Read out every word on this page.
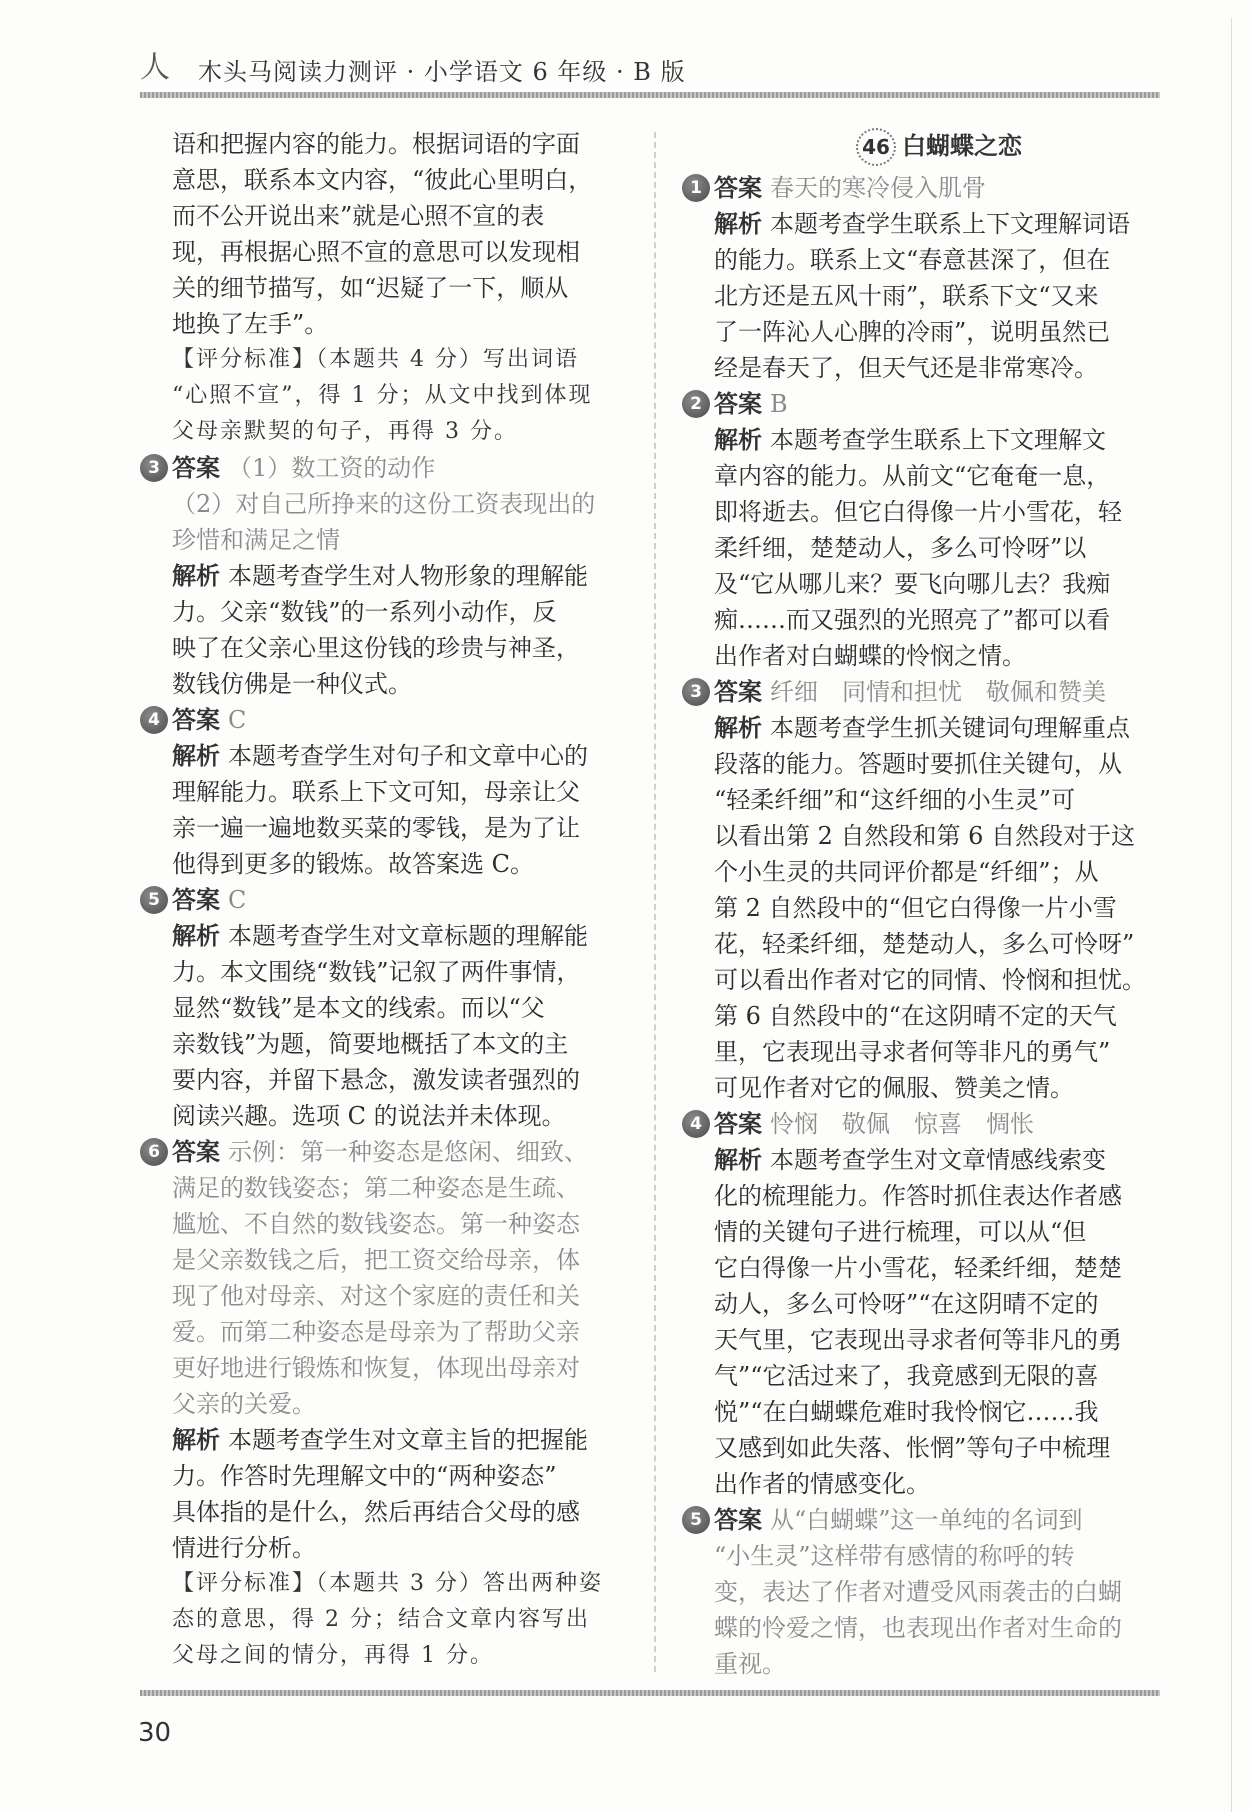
人 木头马阅读力测评 · 小学语文 6 年级 · B 版

语和把握内容的能力。根据词语的字面

意思，联系本文内容，“彼此心里明白，

而不公开说出来”就是心照不宣的表

现，再根据心照不宣的意思可以发现相

关的细节描写，如“迟疑了一下，顺从

地换了左手”。

【评分标准】（本题共 4 分）写出词语

“心照不宣”，得 1 分；从文中找到体现

父母亲默契的句子，再得 3 分。

3 答案 （1）数工资的动作

（2）对自己所挣来的这份工资表现出的

珍惜和满足之情

解析 本题考查学生对人物形象的理解能

力。父亲“数钱”的一系列小动作，反

映了在父亲心里这份钱的珍贵与神圣，

数钱仿佛是一种仪式。

4 答案 C

解析 本题考查学生对句子和文章中心的

理解能力。联系上下文可知，母亲让父

亲一遍一遍地数买菜的零钱，是为了让

他得到更多的锻炼。故答案选 C。

5 答案 C

解析 本题考查学生对文章标题的理解能

力。本文围绕“数钱”记叙了两件事情，

显然“数钱”是本文的线索。而以“父

亲数钱”为题，简要地概括了本文的主

要内容，并留下悬念，激发读者强烈的

阅读兴趣。选项 C 的说法并未体现。

6 答案 示例：第一种姿态是悠闲、细致、

满足的数钱姿态；第二种姿态是生疏、

尴尬、不自然的数钱姿态。第一种姿态

是父亲数钱之后，把工资交给母亲，体

现了他对母亲、对这个家庭的责任和关

爱。而第二种姿态是母亲为了帮助父亲

更好地进行锻炼和恢复，体现出母亲对

父亲的关爱。

解析 本题考查学生对文章主旨的把握能

力。作答时先理解文中的“两种姿态”

具体指的是什么，然后再结合父母的感

情进行分析。

【评分标准】（本题共 3 分）答出两种姿

态的意思，得 2 分；结合文章内容写出

父母之间的情分，再得 1 分。

46 白蝴蝶之恋
1 答案 春天的寒冷侵入肌骨

解析 本题考查学生联系上下文理解词语

的能力。联系上文“春意甚深了，但在

北方还是五风十雨”，联系下文“又来

了一阵沁人心脾的冷雨”，说明虽然已

经是春天了，但天气还是非常寒冷。

2 答案 B

解析 本题考查学生联系上下文理解文

章内容的能力。从前文“它奄奄一息，

即将逝去。但它白得像一片小雪花，轻

柔纤细，楚楚动人，多么可怜呀”以

及“它从哪儿来？要飞向哪儿去？我痴

痴……而又强烈的光照亮了”都可以看

出作者对白蝴蝶的怜悯之情。

3 答案 纤细　同情和担忧　敬佩和赞美

解析 本题考查学生抓关键词句理解重点

段落的能力。答题时要抓住关键句，从

“轻柔纤细”和“这纤细的小生灵”可

以看出第 2 自然段和第 6 自然段对于这

个小生灵的共同评价都是“纤细”；从

第 2 自然段中的“但它白得像一片小雪

花，轻柔纤细，楚楚动人，多么可怜呀”

可以看出作者对它的同情、怜悯和担忧。

第 6 自然段中的“在这阴晴不定的天气

里，它表现出寻求者何等非凡的勇气”

可见作者对它的佩服、赞美之情。

4 答案 怜悯　敬佩　惊喜　惆怅

解析 本题考查学生对文章情感线索变

化的梳理能力。作答时抓住表达作者感

情的关键句子进行梳理，可以从“但

它白得像一片小雪花，轻柔纤细，楚楚

动人，多么可怜呀”“在这阴晴不定的

天气里，它表现出寻求者何等非凡的勇

气”“它活过来了，我竟感到无限的喜

悦”“在白蝴蝶危难时我怜悯它……我

又感到如此失落、怅惘”等句子中梳理

出作者的情感变化。

5 答案 从“白蝴蝶”这一单纯的名词到

“小生灵”这样带有感情的称呼的转

变，表达了作者对遭受风雨袭击的白蝴

蝶的怜爱之情，也表现出作者对生命的

重视。

30
